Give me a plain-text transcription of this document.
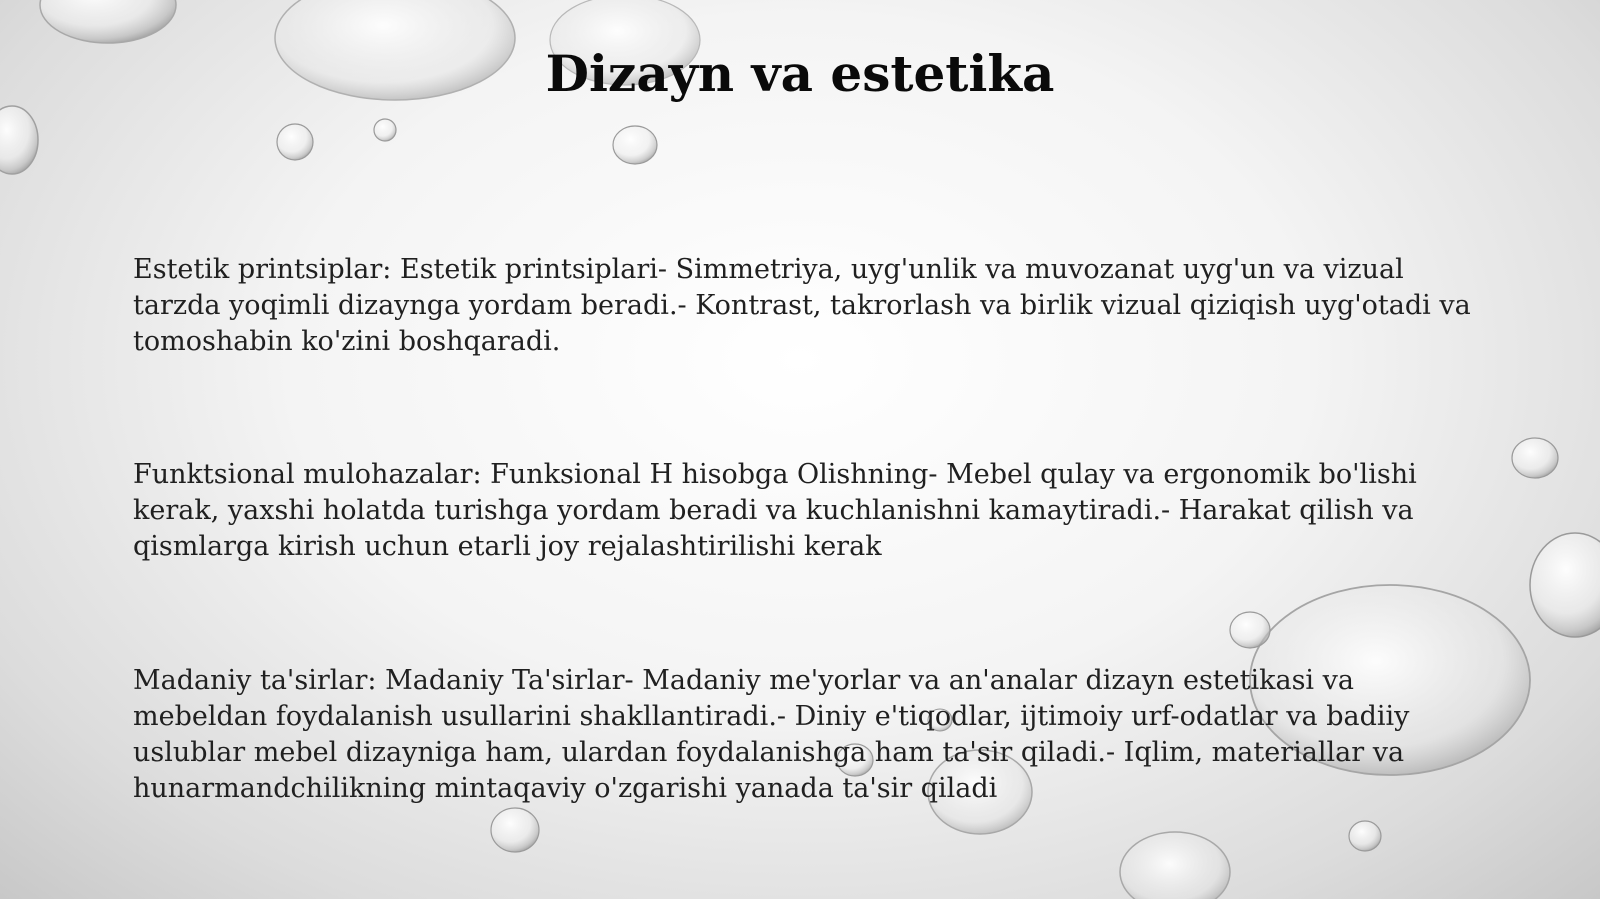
Dizayn va estetika

Estetik printsiplar: Estetik printsiplari- Simmetriya, uyg'unlik va muvozanat uyg'un va vizual tarzda yoqimli dizaynga yordam beradi.- Kontrast, takrorlash va birlik vizual qiziqish uyg'otadi va tomoshabin ko'zini boshqaradi.

Funktsional mulohazalar: Funksional H hisobga Olishning- Mebel qulay va ergonomik bo'lishi kerak, yaxshi holatda turishga yordam beradi va kuchlanishni kamaytiradi.- Harakat qilish va qismlarga kirish uchun etarli joy rejalashtirilishi kerak

Madaniy ta'sirlar: Madaniy Ta'sirlar- Madaniy me'yorlar va an'analar dizayn estetikasi va mebeldan foydalanish usullarini shakllantiradi.- Diniy e'tiqodlar, ijtimoiy urf-odatlar va badiiy uslublar mebel dizayniga ham, ulardan foydalanishga ham ta'sir qiladi.- Iqlim, materiallar va hunarmandchilikning mintaqaviy o'zgarishi yanada ta'sir qiladi
